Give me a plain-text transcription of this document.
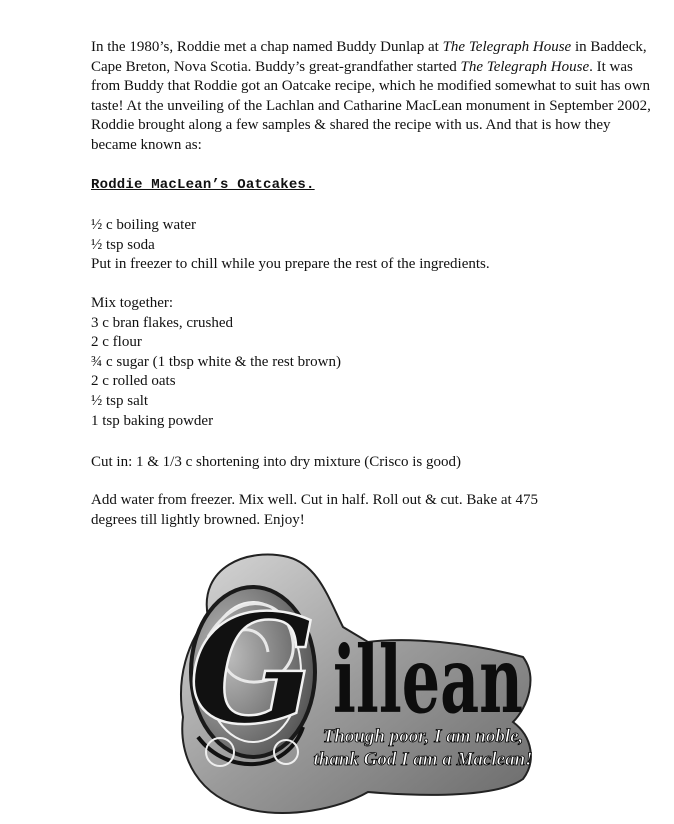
In the 1980’s, Roddie met a chap named Buddy Dunlap at The Telegraph House in Baddeck, Cape Breton, Nova Scotia. Buddy’s great-grandfather started The Telegraph House. It was from Buddy that Roddie got an Oatcake recipe, which he modified somewhat to suit has own taste! At the unveiling of the Lachlan and Catharine MacLean monument in September 2002, Roddie brought along a few samples & shared the recipe with us. And that is how they became known as:

Roddie MacLean’s Oatcakes.
½ c boiling water
½ tsp soda
Put in freezer to chill while you prepare the rest of the ingredients.
Mix together:
3 c bran flakes, crushed
2 c flour
¾ c sugar (1 tbsp white & the rest brown)
2 c rolled oats
½ tsp salt
1 tsp baking powder
Cut in: 1 & 1/3 c shortening into dry mixture (Crisco is good)
Add water from freezer. Mix well. Cut in half. Roll out & cut. Bake at 475
degrees till lightly browned. Enjoy!
G illean
Though poor, I am noble,
thank God I am a Maclean!
